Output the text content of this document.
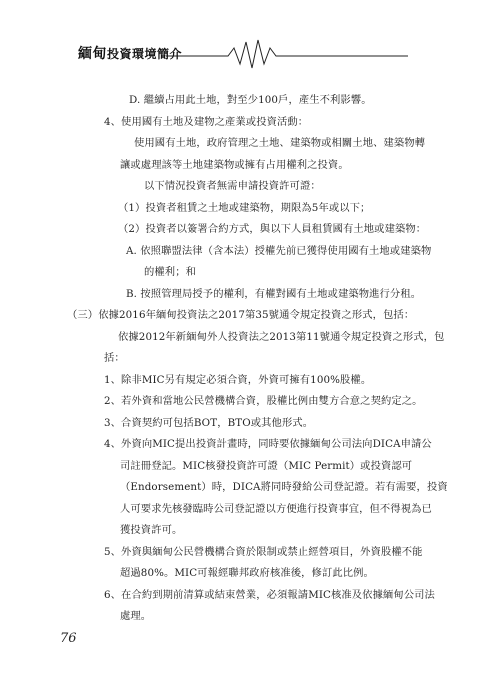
緬甸投資環境簡介
D. 繼續占用此土地，對至少100戶，產生不利影響。
4、使用國有土地及建物之產業或投資活動：
使用國有土地，政府管理之土地、建築物或相關土地、建築物轉
讓或處理該等土地建築物或擁有占用權利之投資。
以下情況投資者無需申請投資許可證：
（1）投資者租賃之土地或建築物，期限為5年或以下；
（2）投資者以簽署合約方式，與以下人員租賃國有土地或建築物：
A. 依照聯盟法律（含本法）授權先前已獲得使用國有土地或建築物
的權利；和
B. 按照管理局授予的權利，有權對國有土地或建築物進行分租。
（三）依據2016年緬甸投資法之2017第35號通令規定投資之形式，包括：
依據2012年新緬甸外人投資法之2013第11號通令規定投資之形式，包
括：
1、除非MIC另有規定必須合資，外資可擁有100%股權。
2、若外資和當地公民營機構合資，股權比例由雙方合意之契約定之。
3、合資契約可包括BOT，BTO或其他形式。
4、外資向MIC提出投資計畫時，同時要依據緬甸公司法向DICA申請公
司註冊登記。MIC核發投資許可證（MIC Permit）或投資認可
（Endorsement）時，DICA將同時發給公司登記證。若有需要，投資
人可要求先核發臨時公司登記證以方便進行投資事宜，但不得視為已
獲投資許可。
5、外資與緬甸公民營機構合資於限制或禁止經營項目，外資股權不能
超過80%。MIC可報經聯邦政府核准後，修訂此比例。
6、在合約到期前清算或結束營業，必須報請MIC核准及依據緬甸公司法
處理。
76
